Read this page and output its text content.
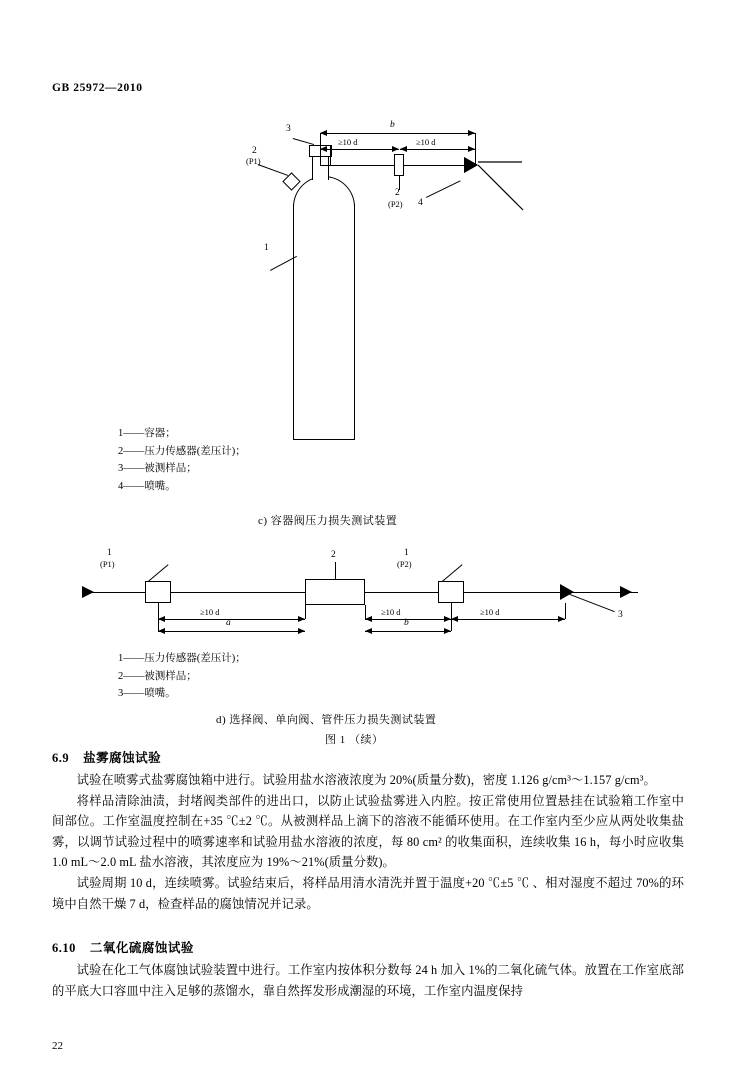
GB 25972—2010
b
≥10 d	≥10 d
2
(P1)
3
2
(P2) 4
1
1——容器；
2——压力传感器(差压计)；
3——被测样品；
4——喷嘴。
c) 容器阀压力损失测试装置
1
(P1)
2	1
(P2)
3
≥10 d	≥10 d	≥10 d
a	b
1——压力传感器(差压计)；
2——被测样品；
3——喷嘴。
d) 选择阀、单向阀、管件压力损失测试装置
图 1 （续）
6.9 盐雾腐蚀试验

试验在喷雾式盐雾腐蚀箱中进行。试验用盐水溶液浓度为 20%(质量分数)，密度 1.126 g/cm³～1.157 g/cm³。

将样品清除油渍，封堵阀类部件的进出口，以防止试验盐雾进入内腔。按正常使用位置悬挂在试验箱工作室中间部位。工作室温度控制在+35 ℃±2 ℃。从被测样品上滴下的溶液不能循环使用。在工作室内至少应从两处收集盐雾，以调节试验过程中的喷雾速率和试验用盐水溶液的浓度，每 80 cm² 的收集面积，连续收集 16 h，每小时应收集 1.0 mL～2.0 mL 盐水溶液，其浓度应为 19%～21%(质量分数)。

试验周期 10 d，连续喷雾。试验结束后，将样品用清水清洗并置于温度+20 ℃±5 ℃ 、相对湿度不超过 70%的环境中自然干燥 7 d，检查样品的腐蚀情况并记录。

6.10 二氧化硫腐蚀试验

试验在化工气体腐蚀试验装置中进行。工作室内按体积分数每 24 h 加入 1%的二氧化硫气体。放置在工作室底部的平底大口容皿中注入足够的蒸馏水，靠自然挥发形成潮湿的环境，工作室内温度保持

22
